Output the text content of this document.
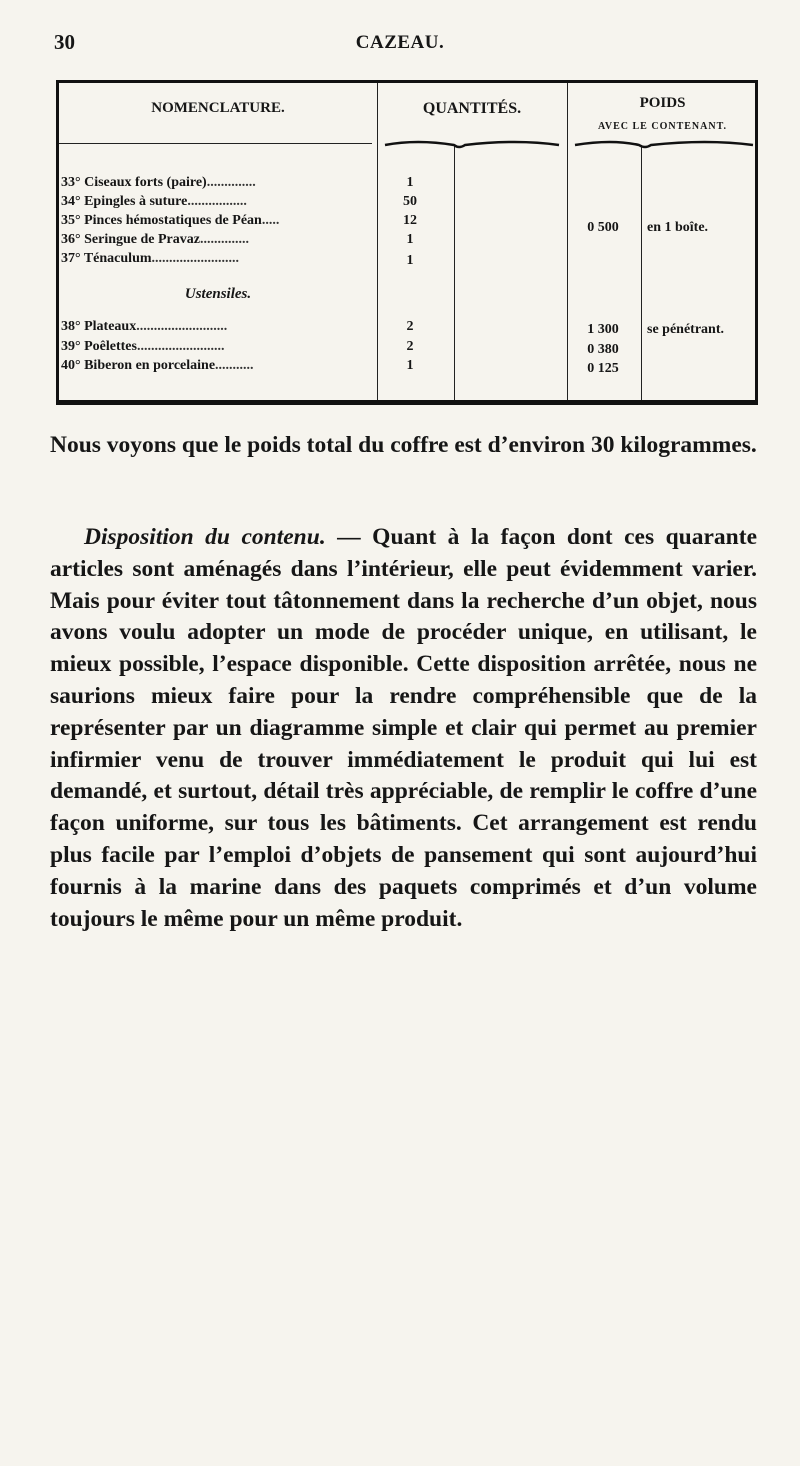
30	CAZEAU.
NOMENCLATURE.	QUANTITÉS.	POIDS
AVEC LE CONTENANT.
33° Ciseaux forts (paire)..............	1
34° Epingles à suture.................	50
35° Pinces hémostatiques de Péan.....	12	0 500	en 1 boîte.
36° Seringue de Pravaz..............	1
37° Ténaculum.........................	1
Ustensiles.
38° Plateaux..........................	2	1 300	se pénétrant.
39° Poêlettes.........................	2	0 380
40° Biberon en porcelaine...........	1	0 125

Nous voyons que le poids total du coffre est d’environ 30 kilogrammes.

Disposition du contenu. — Quant à la façon dont ces quarante articles sont aménagés dans l’intérieur, elle peut évidemment varier. Mais pour éviter tout tâtonnement dans la recherche d’un objet, nous avons voulu adopter un mode de procéder unique, en utilisant, le mieux possible, l’espace disponible. Cette disposition arrêtée, nous ne saurions mieux faire pour la rendre compréhensible que de la représenter par un diagramme simple et clair qui permet au premier infirmier venu de trouver immédiatement le produit qui lui est demandé, et surtout, détail très appréciable, de remplir le coffre d’une façon uniforme, sur tous les bâtiments. Cet arrangement est rendu plus facile par l’emploi d’objets de pansement qui sont aujourd’hui fournis à la marine dans des paquets comprimés et d’un volume toujours le même pour un même produit.
